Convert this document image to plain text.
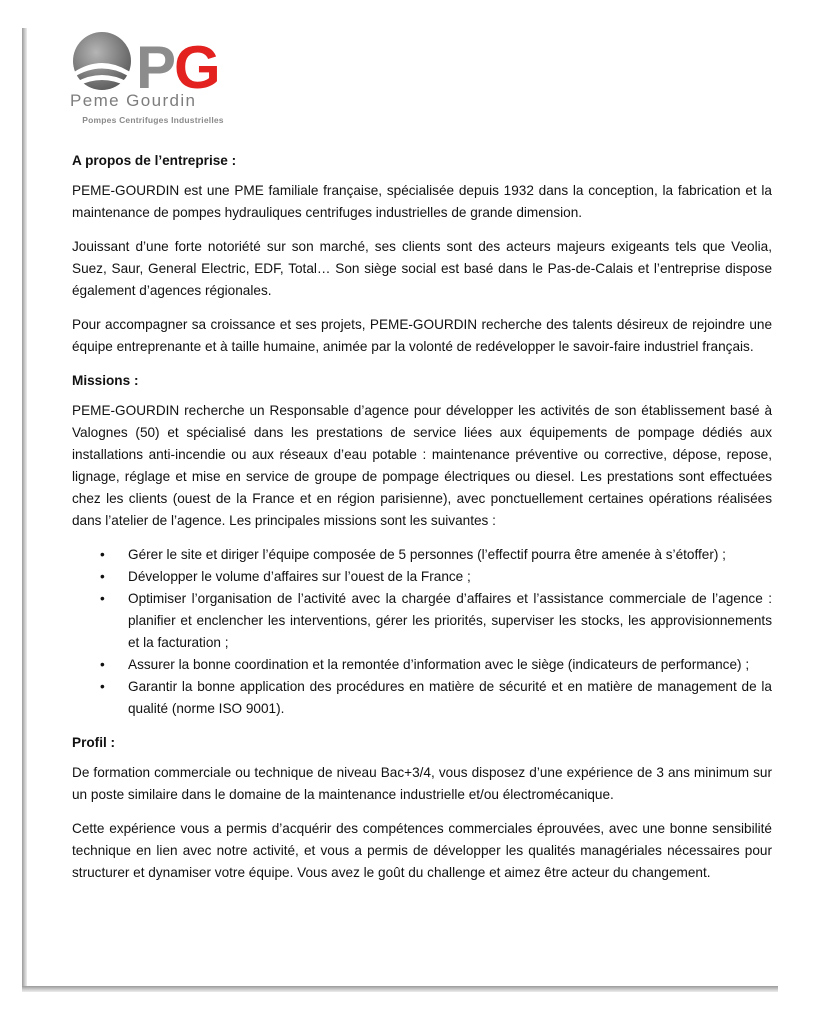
P G
Peme Gourdin
Pompes Centrifuges Industrielles
A propos de l’entreprise :

PEME-GOURDIN est une PME familiale française, spécialisée depuis 1932 dans la conception, la fabrication et la maintenance de pompes hydrauliques centrifuges industrielles de grande dimension.

Jouissant d’une forte notoriété sur son marché, ses clients sont des acteurs majeurs exigeants tels que Veolia, Suez, Saur, General Electric, EDF, Total… Son siège social est basé dans le Pas-de-Calais et l’entreprise dispose également d’agences régionales.

Pour accompagner sa croissance et ses projets, PEME-GOURDIN recherche des talents désireux de rejoindre une équipe entreprenante et à taille humaine, animée par la volonté de redévelopper le savoir-faire industriel français.

Missions :

PEME-GOURDIN recherche un Responsable d’agence pour développer les activités de son établissement basé à Valognes (50) et spécialisé dans les prestations de service liées aux équipements de pompage dédiés aux installations anti-incendie ou aux réseaux d’eau potable : maintenance préventive ou corrective, dépose, repose, lignage, réglage et mise en service de groupe de pompage électriques ou diesel. Les prestations sont effectuées chez les clients (ouest de la France et en région parisienne), avec ponctuellement certaines opérations réalisées dans l’atelier de l’agence. Les principales missions sont les suivantes :

• Gérer le site et diriger l’équipe composée de 5 personnes (l’effectif pourra être amenée à s’étoffer) ;
• Développer le volume d’affaires sur l’ouest de la France ;
• Optimiser l’organisation de l’activité avec la chargée d’affaires et l’assistance commerciale de l’agence : planifier et enclencher les interventions, gérer les priorités, superviser les stocks, les approvisionnements et la facturation ;
• Assurer la bonne coordination et la remontée d’information avec le siège (indicateurs de performance) ;
• Garantir la bonne application des procédures en matière de sécurité et en matière de management de la qualité (norme ISO 9001).
Profil :

De formation commerciale ou technique de niveau Bac+3/4, vous disposez d’une expérience de 3 ans minimum sur un poste similaire dans le domaine de la maintenance industrielle et/ou électromécanique.

Cette expérience vous a permis d’acquérir des compétences commerciales éprouvées, avec une bonne sensibilité technique en lien avec notre activité, et vous a permis de développer les qualités managériales nécessaires pour structurer et dynamiser votre équipe. Vous avez le goût du challenge et aimez être acteur du changement.
